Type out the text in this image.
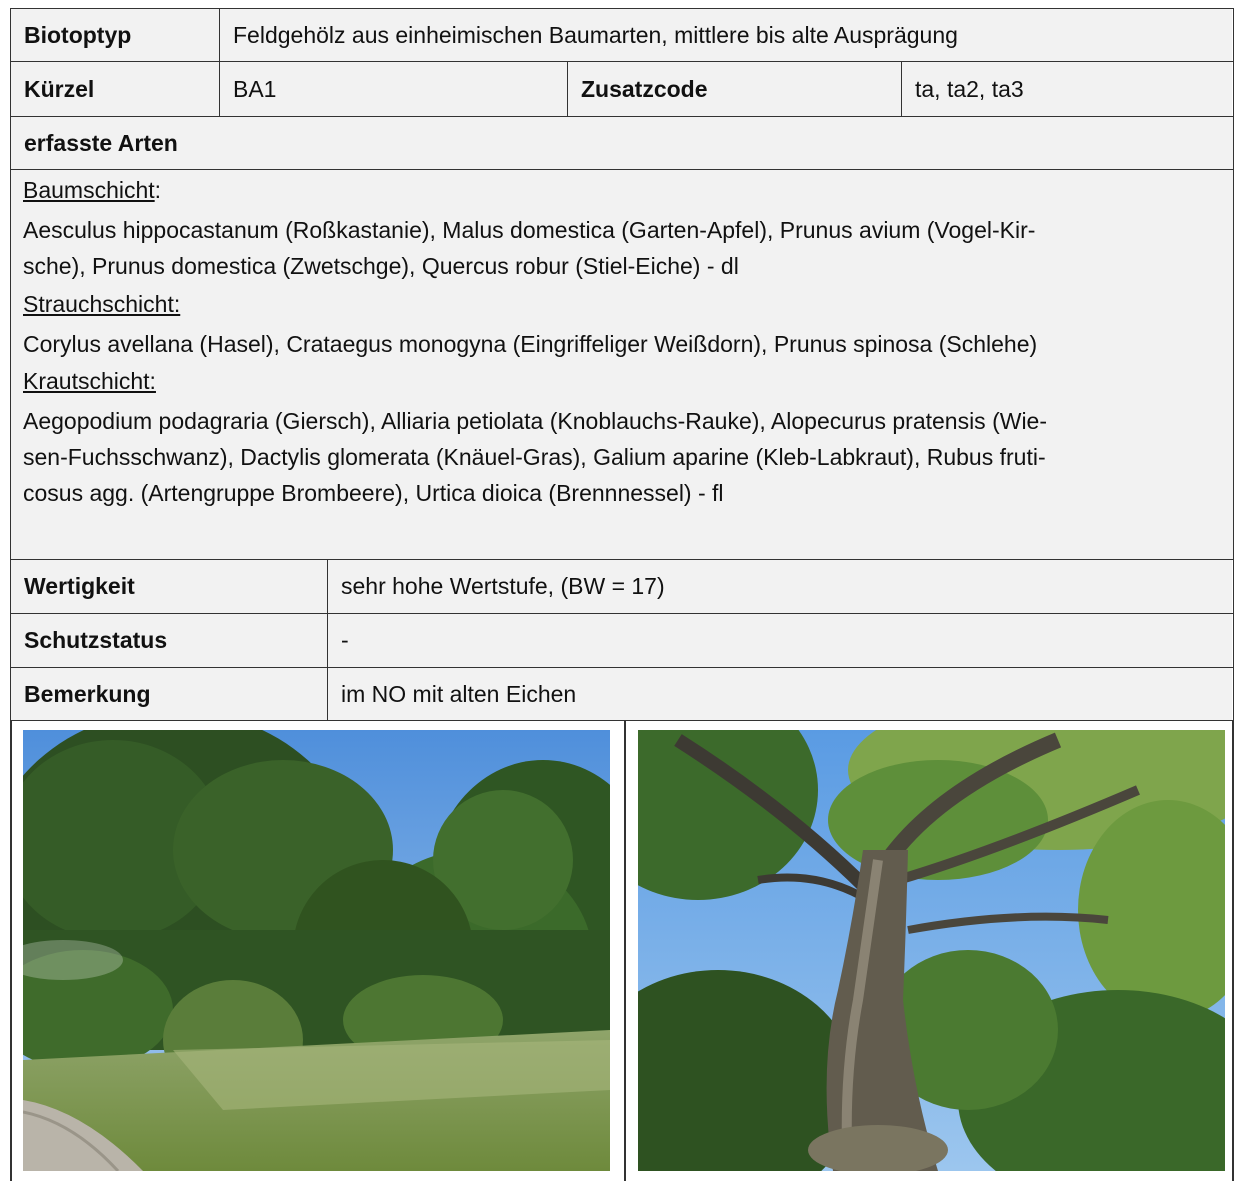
Biotoptyp	Feldgehölz aus einheimischen Baumarten, mittlere bis alte Ausprägung
Kürzel	BA1	Zusatzcode	ta, ta2, ta3
erfasste Arten
Baumschicht:
Aesculus hippocastanum (Roßkastanie), Malus domestica (Garten-Apfel), Prunus avium (Vogel-Kir-
sche), Prunus domestica (Zwetschge), Quercus robur (Stiel-Eiche) - dl
Strauchschicht:
Corylus avellana (Hasel), Crataegus monogyna (Eingriffeliger Weißdorn), Prunus spinosa (Schlehe)
Krautschicht:
Aegopodium podagraria (Giersch), Alliaria petiolata (Knoblauchs-Rauke), Alopecurus pratensis (Wie-
sen-Fuchsschwanz), Dactylis glomerata (Knäuel-Gras), Galium aparine (Kleb-Labkraut), Rubus fruti-
cosus agg. (Artengruppe Brombeere), Urtica dioica (Brennnessel) - fl
Wertigkeit	sehr hohe Wertstufe, (BW = 17)
Schutzstatus	-
Bemerkung	im NO mit alten Eichen
